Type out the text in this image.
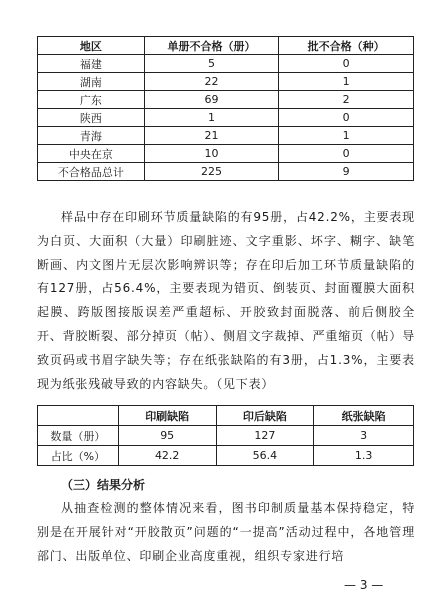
地区	单册不合格（册）	批不合格（种）
福建	5	0
湖南	22	1
广东	69	2
陕西	1	0
青海	21	1
中央在京	10	0
不合格品总计	225	9

样品中存在印刷环节质量缺陷的有95册，占42.2%，主要表现为白页、大面积（大量）印刷脏迹、文字重影、坏字、糊字、缺笔断画、内文图片无层次影响辨识等；存在印后加工环节质量缺陷的有127册，占56.4%，主要表现为错页、倒装页、封面覆膜大面积起膜、跨版图接版误差严重超标、开胶致封面脱落、前后侧胶全开、背胶断裂、部分掉页（帖）、侧眉文字裁掉、严重缩页（帖）导致页码或书眉字缺失等；存在纸张缺陷的有3册，占1.3%，主要表现为纸张残破导致的内容缺失。（见下表）

	印刷缺陷	印后缺陷	纸张缺陷
数量（册）	95	127	3
占比（%）	42.2	56.4	1.3

（三）结果分析

从抽查检测的整体情况来看，图书印制质量基本保持稳定，特别是在开展针对“开胶散页”问题的“一提高”活动过程中，各地管理部门、出版单位、印刷企业高度重视，组织专家进行培

— 3 —
